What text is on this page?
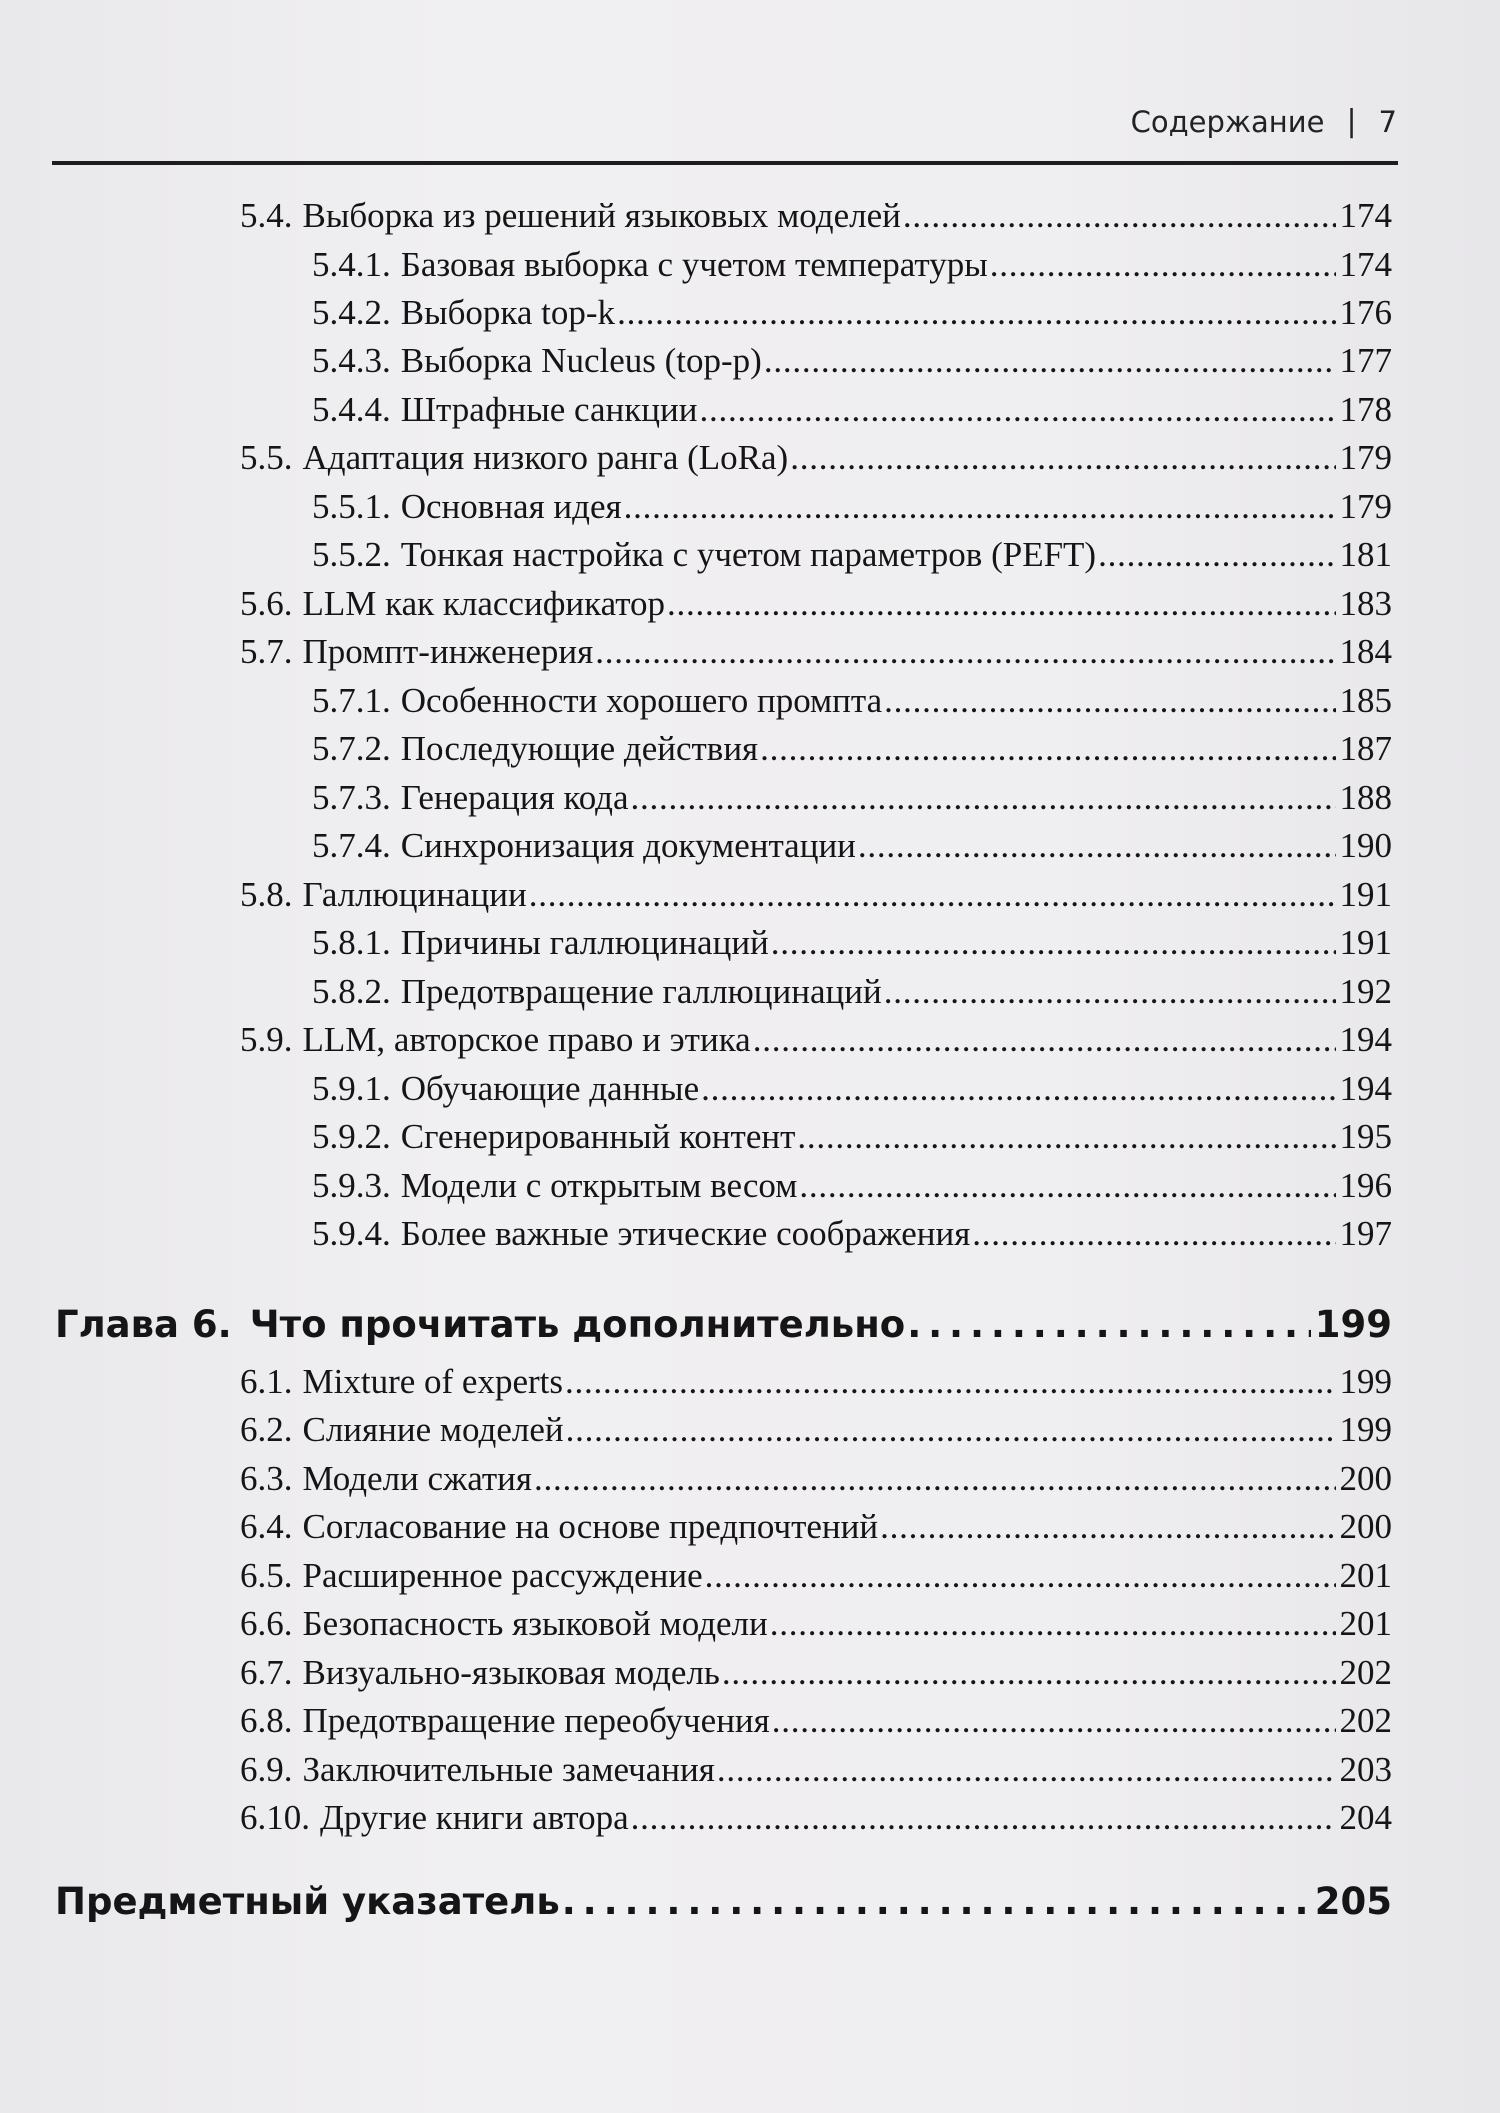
Содержание | 7
5.4. Выборка из решений языковых моделей . . .	174
5.4.1. Базовая выборка с учетом температуры . . .	174
5.4.2. Выборка top-k . . .	176
5.4.3. Выборка Nucleus (top-p) . . .	177
5.4.4. Штрафные санкции . . .	178
5.5. Адаптация низкого ранга (LoRa) . . .	179
5.5.1. Основная идея . . .	179
5.5.2. Тонкая настройка с учетом параметров (PEFT) . . .	181
5.6. LLM как классификатор . . .	183
5.7. Промпт-инженерия . . .	184
5.7.1. Особенности хорошего промпта . . .	185
5.7.2. Последующие действия . . .	187
5.7.3. Генерация кода . . .	188
5.7.4. Синхронизация документации . . .	190
5.8. Галлюцинации . . .	191
5.8.1. Причины галлюцинаций . . .	191
5.8.2. Предотвращение галлюцинаций . . .	192
5.9. LLM, авторское право и этика . . .	194
5.9.1. Обучающие данные . . .	194
5.9.2. Сгенерированный контент . . .	195
5.9.3. Модели с открытым весом . . .	196
5.9.4. Более важные этические соображения . . .	197
Глава 6. Что прочитать дополнительно . . .	199
6.1. Mixture of experts . . .	199
6.2. Слияние моделей . . .	199
6.3. Модели сжатия . . .	200
6.4. Согласование на основе предпочтений . . .	200
6.5. Расширенное рассуждение . . .	201
6.6. Безопасность языковой модели . . .	201
6.7. Визуально-языковая модель . . .	202
6.8. Предотвращение переобучения . . .	202
6.9. Заключительные замечания . . .	203
6.10. Другие книги автора . . .	204
Предметный указатель . . .	205
